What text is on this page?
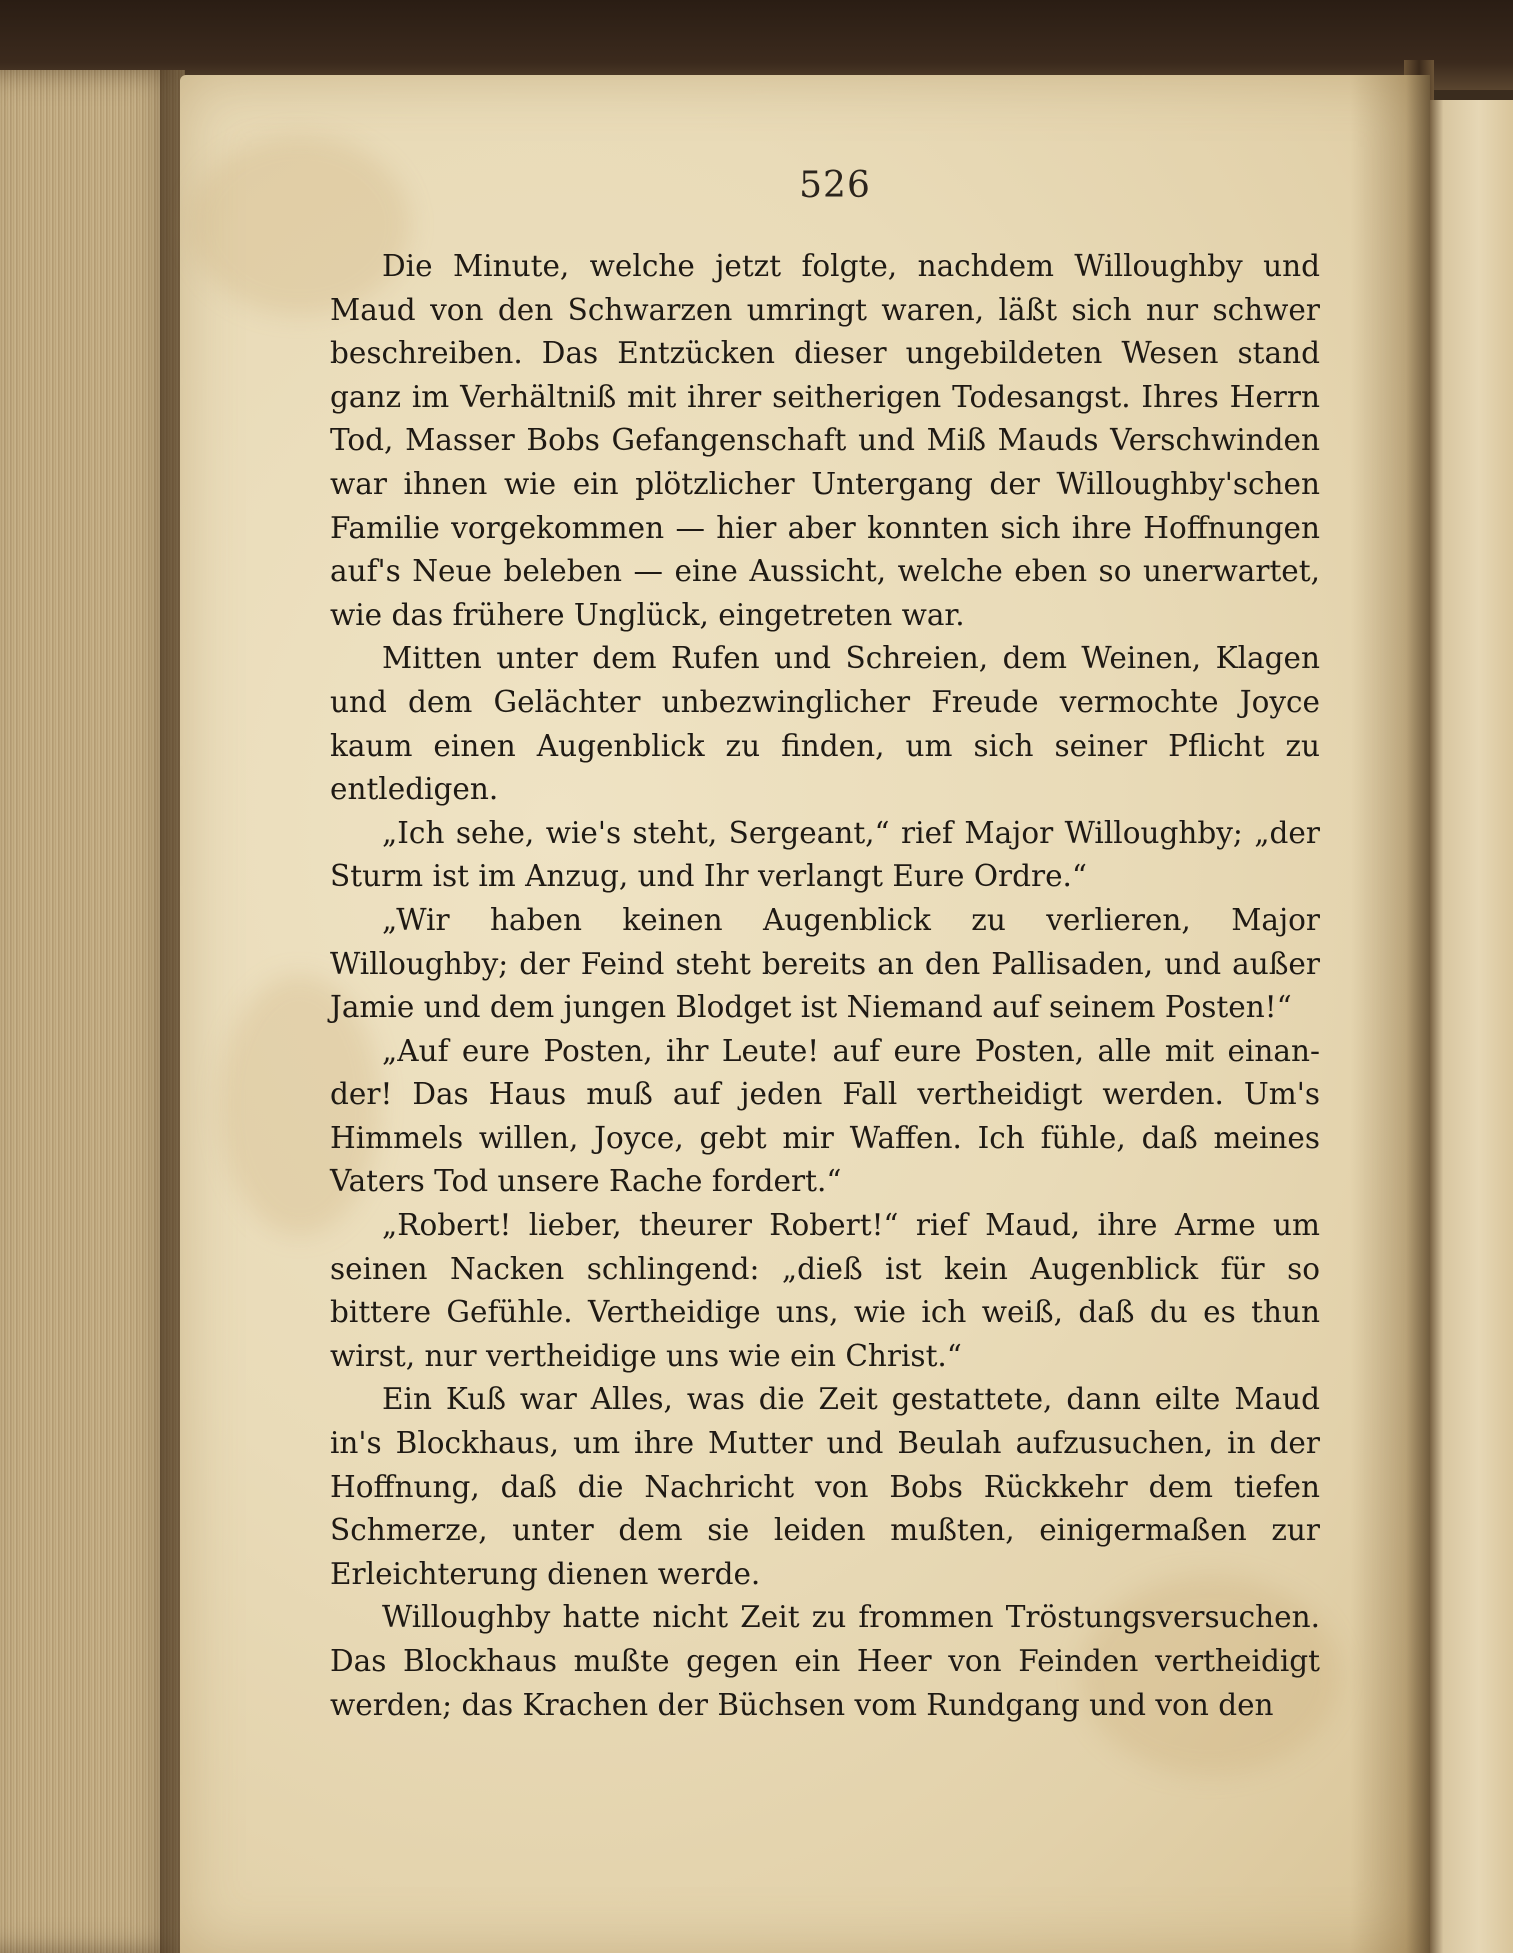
526

Die Minute, welche jetzt folgte, nachdem Willoughby und Maud von den Schwarzen umringt waren, läßt sich nur schwer beschreiben. Das Entzücken dieser ungebildeten Wesen stand ganz im Verhältniß mit ihrer seitherigen Todesangst. Ihres Herrn Tod, Masser Bobs Gefangenschaft und Miß Mauds Verschwinden war ihnen wie ein plötzlicher Untergang der Willoughby'schen Familie vorgekommen — hier aber konnten sich ihre Hoffnungen auf's Neue beleben — eine Aussicht, welche eben so unerwartet, wie das frühere Unglück, eingetreten war.

Mitten unter dem Rufen und Schreien, dem Weinen, Klagen und dem Gelächter unbezwinglicher Freude vermochte Joyce kaum einen Augenblick zu finden, um sich seiner Pflicht zu entledigen.

„Ich sehe, wie's steht, Sergeant,“ rief Major Willoughby; „der Sturm ist im Anzug, und Ihr verlangt Eure Ordre.“

„Wir haben keinen Augenblick zu verlieren, Major Willoughby; der Feind steht bereits an den Pallisaden, und außer Jamie und dem jungen Blodget ist Niemand auf seinem Posten!“

„Auf eure Posten, ihr Leute! auf eure Posten, alle mit einander! Das Haus muß auf jeden Fall vertheidigt werden. Um's Himmels willen, Joyce, gebt mir Waffen. Ich fühle, daß meines Vaters Tod unsere Rache fordert.“

„Robert! lieber, theurer Robert!“ rief Maud, ihre Arme um seinen Nacken schlingend: „dieß ist kein Augenblick für so bittere Gefühle. Vertheidige uns, wie ich weiß, daß du es thun wirst, nur vertheidige uns wie ein Christ.“

Ein Kuß war Alles, was die Zeit gestattete, dann eilte Maud in's Blockhaus, um ihre Mutter und Beulah aufzusuchen, in der Hoffnung, daß die Nachricht von Bobs Rückkehr dem tiefen Schmerze, unter dem sie leiden mußten, einigermaßen zur Erleichterung dienen werde.

Willoughby hatte nicht Zeit zu frommen Tröstungsversuchen. Das Blockhaus mußte gegen ein Heer von Feinden vertheidigt werden; das Krachen der Büchsen vom Rundgang und von den
